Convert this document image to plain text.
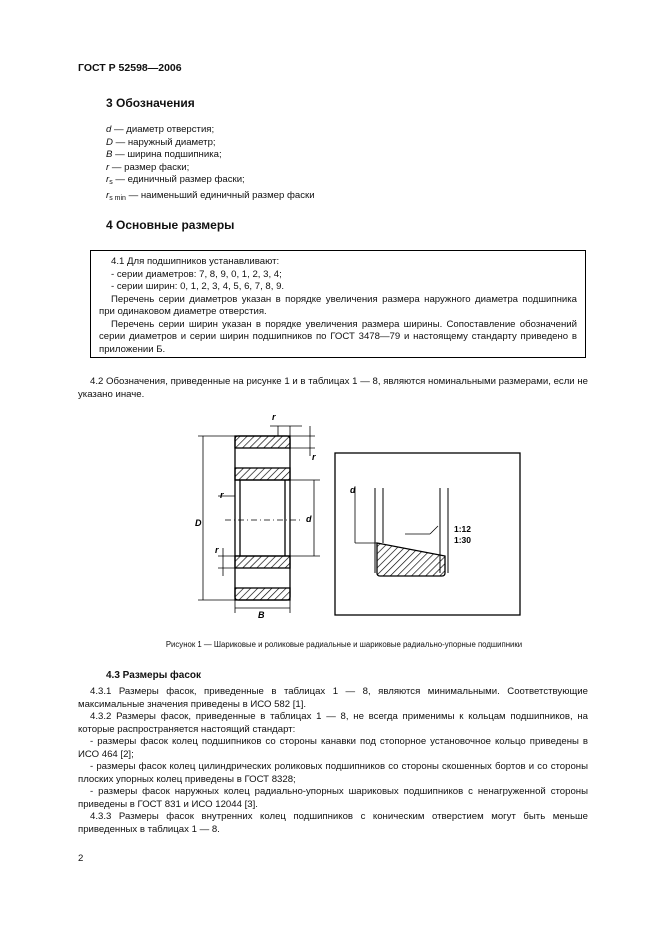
ГОСТ Р 52598—2006
3 Обозначения
d — диаметр отверстия;
D — наружный диаметр;
B — ширина подшипника;
r — размер фаски;
$r_s$ — единичный размер фаски;
$r_{s min}$ — наименьший единичный размер фаски
4 Основные размеры

4.1 Для подшипников устанавливают:

- серии диаметров: 7, 8, 9, 0, 1, 2, 3, 4;

- серии ширин: 0, 1, 2, 3, 4, 5, 6, 7, 8, 9.

Перечень серии диаметров указан в порядке увеличения размера наружного диаметра подшипника при одинаковом диаметре отверстия.

Перечень серии ширин указан в порядке увеличения размера ширины. Сопоставление обозначений серии диаметров и серии ширин подшипников по ГОСТ 3478—79 и настоящему стандарту приведено в приложении Б.

4.2 Обозначения, приведенные на рисунке 1 и в таблицах 1 — 8, являются номинальными размерами, если не указано иначе.
D	d
B
r
r
r
r
d
1:12
1:30
Рисунок 1 — Шариковые и роликовые радиальные и шариковые радиально-упорные подшипники
4.3 Размеры фасок
4.3.1 Размеры фасок, приведенные в таблицах 1 — 8, являются минимальными. Соответствующие максимальные значения приведены в ИСО 582 [1].
4.3.2 Размеры фасок, приведенные в таблицах 1 — 8, не всегда применимы к кольцам подшипников, на которые распространяется настоящий стандарт:
- размеры фасок колец подшипников со стороны канавки под стопорное установочное кольцо приведены в ИСО 464 [2];
- размеры фасок колец цилиндрических роликовых подшипников со стороны скошенных бортов и со стороны плоских упорных колец приведены в ГОСТ 8328;
- размеры фасок наружных колец радиально-упорных шариковых подшипников с ненагруженной стороны приведены в ГОСТ 831 и ИСО 12044 [3].
4.3.3 Размеры фасок внутренних колец подшипников с коническим отверстием могут быть меньше приведенных в таблицах 1 — 8.
2
